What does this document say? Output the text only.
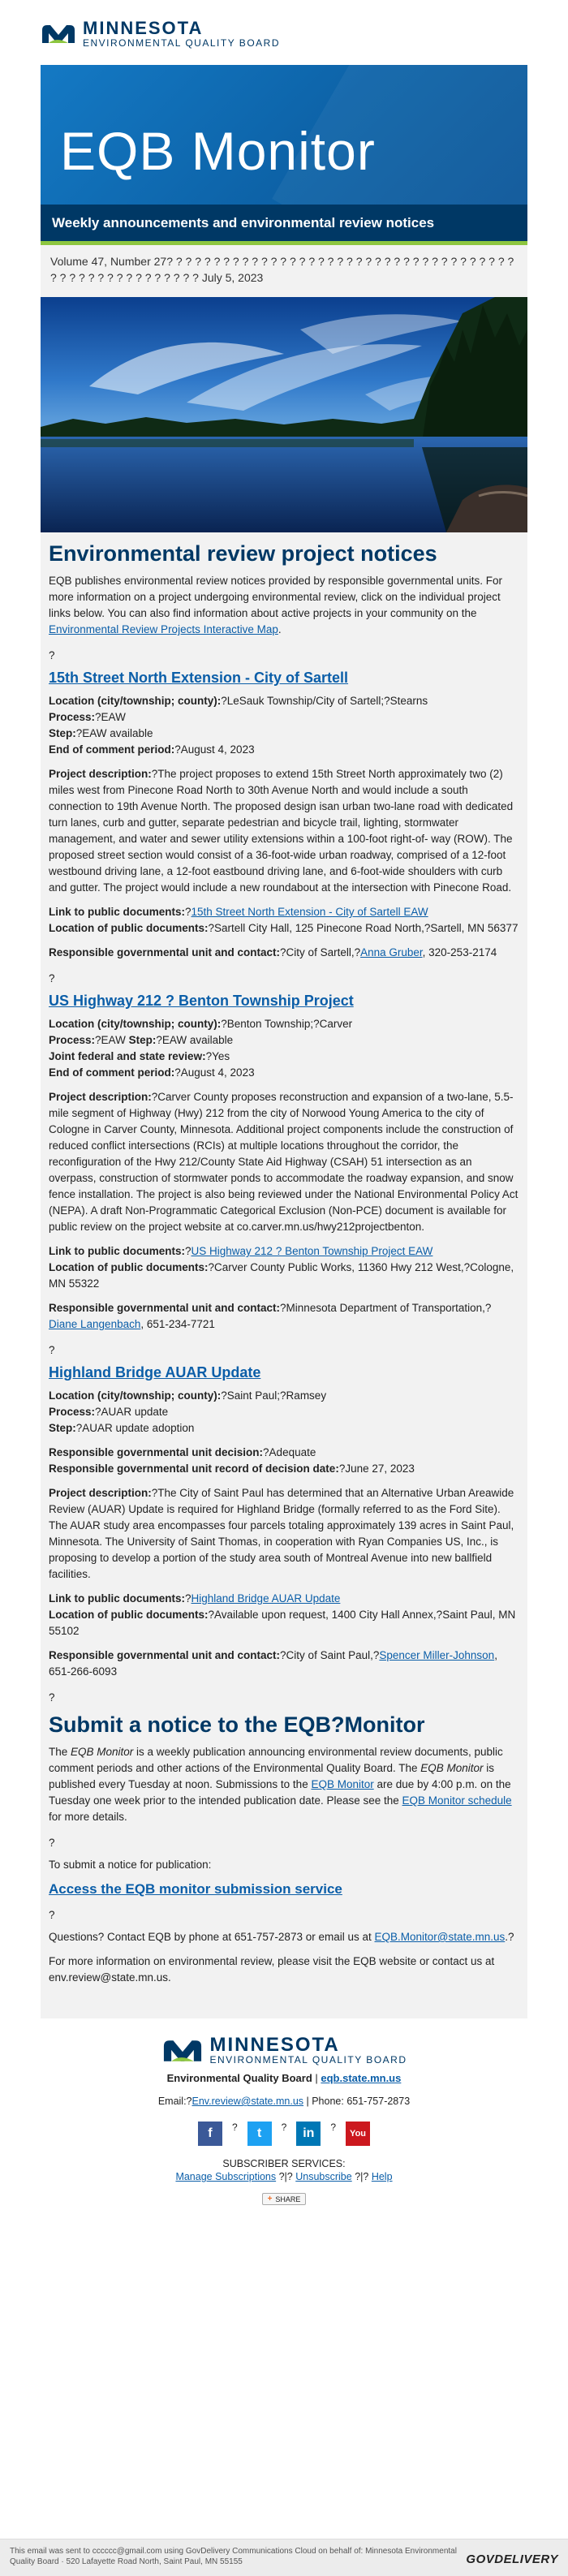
MINNESOTA
ENVIRONMENTAL QUALITY BOARD
EQB Monitor
Weekly announcements and environmental review notices
Volume 47, Number 27? ? ? ? ? ? ? ? ? ? ? ? ? ? ? ? ? ? ? ? ? ? ? ? ? ? ? ? ? ? ? ? ? ? ? ? ? ? ? ? ? ? ? ? ? ? ? ? ? ? ? ? ? July 5, 2023
Environmental review project notices

EQB publishes environmental review notices provided by responsible governmental units. For more information on a project undergoing environmental review, click on the individual project links below. You can also find information about active projects in your community on the Environmental Review Projects Interactive Map.

?

15th Street North Extension - City of Sartell

Location (city/township; county):?LeSauk Township/City of Sartell;?Stearns

Process:?EAW

Step:?EAW available

End of comment period:?August 4, 2023

Project description:?The project proposes to extend 15th Street North approximately two (2) miles west from Pinecone Road North to 30th Avenue North and would include a south connection to 19th Avenue North. The proposed design isan urban two-lane road with dedicated turn lanes, curb and gutter, separate pedestrian and bicycle trail, lighting, stormwater management, and water and sewer utility extensions within a 100-foot right-of- way (ROW). The proposed street section would consist of a 36-foot-wide urban roadway, comprised of a 12-foot westbound driving lane, a 12-foot eastbound driving lane, and 6-foot-wide shoulders with curb and gutter. The project would include a new roundabout at the intersection with Pinecone Road.

Link to public documents:?15th Street North Extension - City of Sartell EAW

Location of public documents:?Sartell City Hall, 125 Pinecone Road North,?Sartell, MN 56377

Responsible governmental unit and contact:?City of Sartell,?Anna Gruber, 320-253-2174

?

US Highway 212 ? Benton Township Project

Location (city/township; county):?Benton Township;?Carver

Process:?EAW Step:?EAW available

Joint federal and state review:?Yes

End of comment period:?August 4, 2023

Project description:?Carver County proposes reconstruction and expansion of a two-lane, 5.5-mile segment of Highway (Hwy) 212 from the city of Norwood Young America to the city of Cologne in Carver County, Minnesota. Additional project components include the construction of reduced conflict intersections (RCIs) at multiple locations throughout the corridor, the reconfiguration of the Hwy 212/County State Aid Highway (CSAH) 51 intersection as an overpass, construction of stormwater ponds to accommodate the roadway expansion, and snow fence installation. The project is also being reviewed under the National Environmental Policy Act (NEPA). A draft Non-Programmatic Categorical Exclusion (Non-PCE) document is available for public review on the project website at co.carver.mn.us/hwy212projectbenton.

Link to public documents:?US Highway 212 ? Benton Township Project EAW

Location of public documents:?Carver County Public Works, 11360 Hwy 212 West,?Cologne, MN 55322

Responsible governmental unit and contact:?Minnesota Department of Transportation,?Diane Langenbach, 651-234-7721

?

Highland Bridge AUAR Update

Location (city/township; county):?Saint Paul;?Ramsey

Process:?AUAR update

Step:?AUAR update adoption

Responsible governmental unit decision:?Adequate

Responsible governmental unit record of decision date:?June 27, 2023

Project description:?The City of Saint Paul has determined that an Alternative Urban Areawide Review (AUAR) Update is required for Highland Bridge (formally referred to as the Ford Site). The AUAR study area encompasses four parcels totaling approximately 139 acres in Saint Paul, Minnesota. The University of Saint Thomas, in cooperation with Ryan Companies US, Inc., is proposing to develop a portion of the study area south of Montreal Avenue into new ballfield facilities.

Link to public documents:?Highland Bridge AUAR Update

Location of public documents:?Available upon request, 1400 City Hall Annex,?Saint Paul, MN 55102

Responsible governmental unit and contact:?City of Saint Paul,?Spencer Miller-Johnson, 651-266-6093

?

Submit a notice to the EQB?Monitor

The EQB Monitor is a weekly publication announcing environmental review documents, public comment periods and other actions of the Environmental Quality Board. The EQB Monitor is published every Tuesday at noon. Submissions to the EQB Monitor are due by 4:00 p.m. on the Tuesday one week prior to the intended publication date. Please see the EQB Monitor schedule for more details.

?

To submit a notice for publication:

Access the EQB monitor submission service

?

Questions? Contact EQB by phone at 651-757-2873 or email us at EQB.Monitor@state.mn.us.?

For more information on environmental review, please visit the EQB website or contact us at env.review@state.mn.us.

MINNESOTA
ENVIRONMENTAL QUALITY BOARD
Environmental Quality Board | eqb.state.mn.us
Email:?Env.review@state.mn.us | Phone: 651-757-2873
f	?	t	?	in	?
You
SUBSCRIBER SERVICES:
Manage Subscriptions ?|? Unsubscribe ?|? Help
+ SHARE
This email was sent to cccccc@gmail.com using GovDelivery Communications Cloud on behalf of: Minnesota Environmental Quality Board · 520 Lafayette Road North, Saint Paul, MN 55155	GOVDELIVERY
